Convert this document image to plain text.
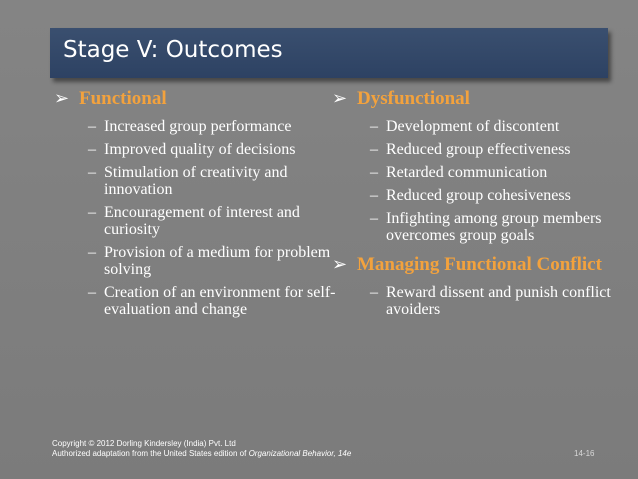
Stage V: Outcomes
➢ Functional
– Increased group performance
– Improved quality of decisions
– Stimulation of creativity and innovation
– Encouragement of interest and curiosity
– Provision of a medium for problem solving
– Creation of an environment for self-evaluation and change
➢ Dysfunctional
– Development of discontent
– Reduced group effectiveness
– Retarded communication
– Reduced group cohesiveness
– Infighting among group members overcomes group goals
➢ Managing Functional Conflict
– Reward dissent and punish conflict avoiders
Copyright © 2012 Dorling Kindersley (India) Pvt. Ltd
Authorized adaptation from the United States edition of Organizational Behavior, 14e	14-16
